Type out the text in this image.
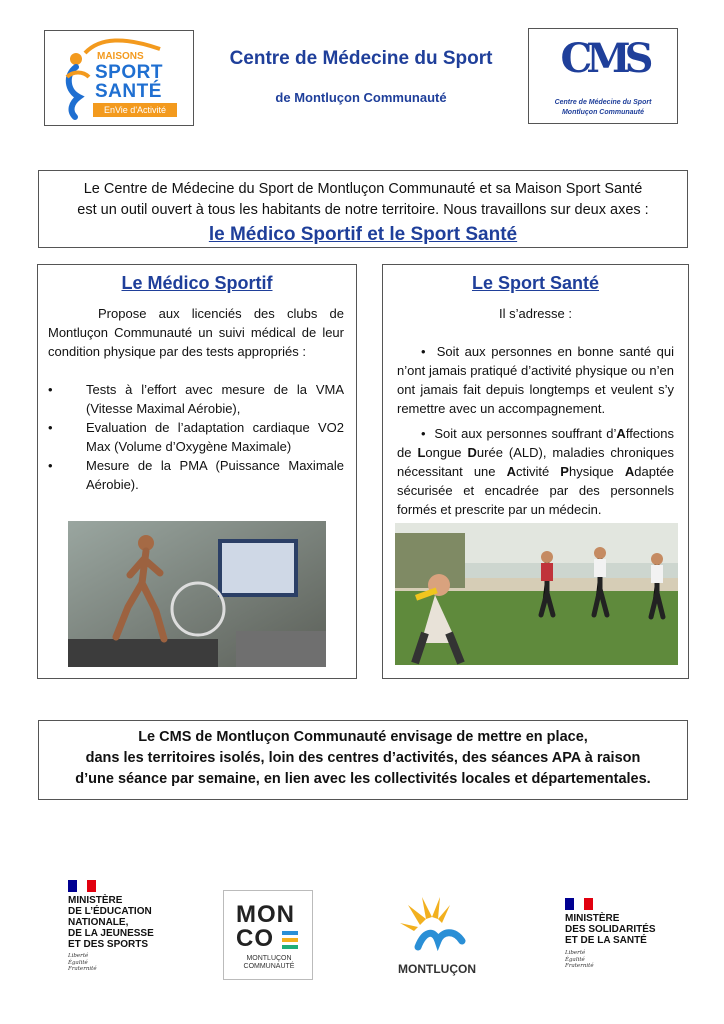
MAISONS
SPORT
SANTÉ
EnVie d'Activité
Centre de Médecine du Sport
de Montluçon Communauté
CMS
Centre de Médecine du Sport
Montluçon Communauté

Le Centre de Médecine du Sport de Montluçon Communauté et sa Maison Sport Santé

est un outil ouvert à tous les habitants de notre territoire. Nous travaillons sur deux axes :

le Médico Sportif et le Sport Santé

Le Médico Sportif

Propose aux licenciés des clubs de Montluçon Communauté un suivi médical de leur condition physique par des tests appropriés :

•	Tests à l’effort avec mesure de la VMA (Vitesse Maximal Aérobie),
•	Evaluation de l’adaptation cardiaque VO2 Max (Volume d’Oxygène Maximale)
•	Mesure de la PMA (Puissance Maximale Aérobie).
Le Sport Santé

Il s’adresse :

•  Soit aux personnes en bonne santé qui n’ont jamais pratiqué d’activité physique ou n’en ont jamais fait depuis longtemps et veulent s’y remettre avec un accompagnement.

•  Soit aux personnes souffrant d’Affections de Longue Durée (ALD), maladies chroniques nécessitant une Activité Physique Adaptée sécurisée et encadrée par des personnels formés et prescrite par un médecin.

Le CMS de Montluçon Communauté envisage de mettre en place,

dans les territoires isolés, loin des centres d’activités, des séances APA à raison

d’une séance par semaine, en lien avec les collectivités locales et départementales.

MINISTÈRE
DE L’ÉDUCATION
NATIONALE,
DE LA JEUNESSE
ET DES SPORTS
Liberté
Égalité
Fraternité
MON
CO
MONTLUÇON
COMMUNAUTÉ	MONTLUÇON
MINISTÈRE
DES SOLIDARITÉS
ET DE LA SANTÉ
Liberté
Égalité
Fraternité
